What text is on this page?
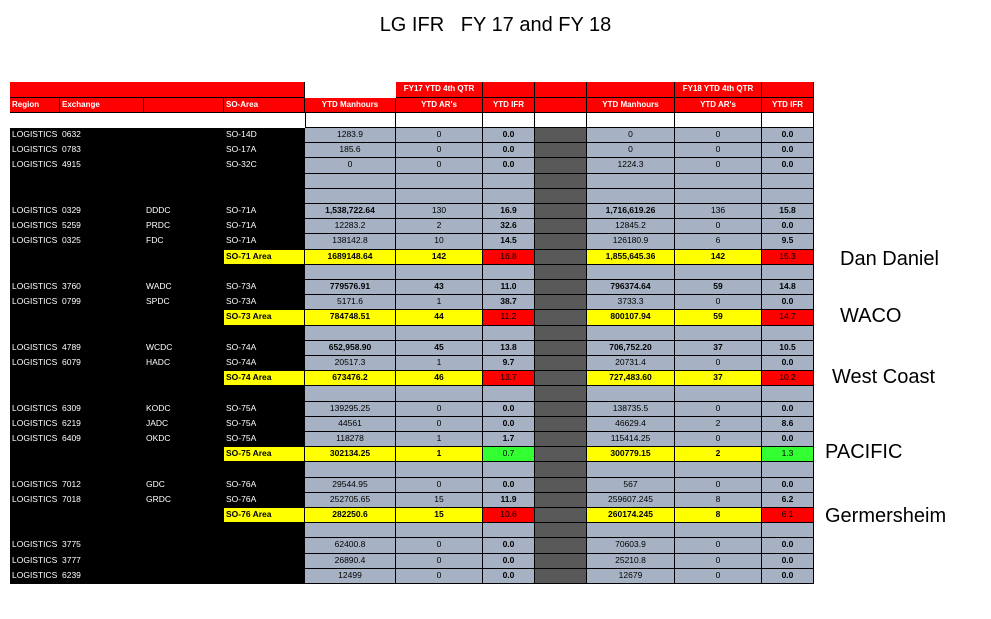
LG IFR   FY 17 and FY 18
FY17 YTD 4th QTR	FY18 YTD 4th QTR
Region	Exchange	SO-Area	YTD Manhours	YTD AR's	YTD IFR	YTD Manhours	YTD AR's	YTD IFR
LOGISTICS 0632	SO-14D	1283.9	0	0.0	0	0	0.0
LOGISTICS 0783	SO-17A	185.6	0	0.0	0	0	0.0
LOGISTICS 4915	SO-32C	0	0	0.0	1224.3	0	0.0
LOGISTICS 0329	DDDC	SO-71A	1,538,722.64	130	16.9	1,716,619.26	136	15.8
LOGISTICS 5259	PRDC	SO-71A	12283.2	2	32.6	12845.2	0	0.0
LOGISTICS 0325	FDC	SO-71A	138142.8	10	14.5	126180.9	6	9.5
SO-71 Area	1689148.64	142	16.8	1,855,645.36	142	15.3
LOGISTICS 3760	WADC	SO-73A	779576.91	43	11.0	796374.64	59	14.8
LOGISTICS 0799	SPDC	SO-73A	5171.6	1	38.7	3733.3	0	0.0
SO-73 Area	784748.51	44	11.2	800107.94	59	14.7
LOGISTICS 4789	WCDC	SO-74A	652,958.90	45	13.8	706,752.20	37	10.5
LOGISTICS 6079	HADC	SO-74A	20517.3	1	9.7	20731.4	0	0.0
SO-74 Area	673476.2	46	13.7	727,483.60	37	10.2
LOGISTICS 6309	KODC	SO-75A	139295.25	0	0.0	138735.5	0	0.0
LOGISTICS 6219	JADC	SO-75A	44561	0	0.0	46629.4	2	8.6
LOGISTICS 6409	OKDC	SO-75A	118278	1	1.7	115414.25	0	0.0
SO-75 Area	302134.25	1	0.7	300779.15	2	1.3
LOGISTICS 7012	GDC	SO-76A	29544.95	0	0.0	567	0	0.0
LOGISTICS 7018	GRDC	SO-76A	252705.65	15	11.9	259607.245	8	6.2
SO-76 Area	282250.6	15	10.6	260174.245	8	6.1
LOGISTICS 3775	62400.8	0	0.0	70603.9	0	0.0
LOGISTICS 3777	26890.4	0	0.0	25210.8	0	0.0
LOGISTICS 6239	12499	0	0.0	12679	0	0.0
Dan Daniel
WACO
West Coast
PACIFIC
Germersheim
